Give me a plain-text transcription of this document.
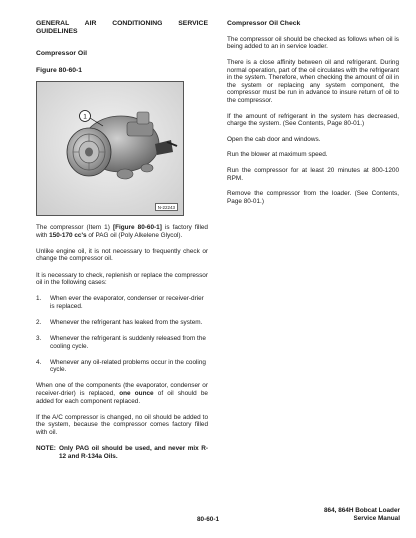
GENERAL AIR CONDITIONING SERVICE GUIDELINES

Compressor Oil

Figure 80-60-1

1
N-22243

The compressor (Item 1) [Figure 80-60-1] is factory filled with 150-170 cc's of PAG oil (Poly Alkelene Glycol).

Unlike engine oil, it is not necessary to frequently check or change the compressor oil.

It is necessary to check, replenish or replace the compressor oil in the following cases:

1. When ever the evaporator, condenser or receiver-drier is replaced.
2. Whenever the refrigerant has leaked from the system.
3. Whenever the refrigerant is suddenly released from the cooling cycle.
4. Whenever any oil-related problems occur in the cooling cycle.

When one of the components (the evaporator, condenser or receiver-drier) is replaced, one ounce of oil should be added for each component replaced.

If the A/C compressor is changed, no oil should be added to the system, because the compressor comes factory filled with oil.

NOTE: Only PAG oil should be used, and never mix R-12 and R-134a Oils.

Compressor Oil Check

The compressor oil should be checked as follows when oil is being added to an in service loader.

There is a close affinity between oil and refrigerant. During normal operation, part of the oil circulates with the refrigerant in the system. Therefore, when checking the amount of oil in the system or replacing any system component, the compressor must be run in advance to insure return of oil to the compressor.

If the amount of refrigerant in the system has decreased, charge the system. (See Contents, Page 80-01.)

Open the cab door and windows.

Run the blower at maximum speed.

Run the compressor for at least 20 minutes at 800-1200 RPM.

Remove the compressor from the loader. (See Contents, Page 80-01.)

864, 864H Bobcat Loader
Service Manual
80-60-1
